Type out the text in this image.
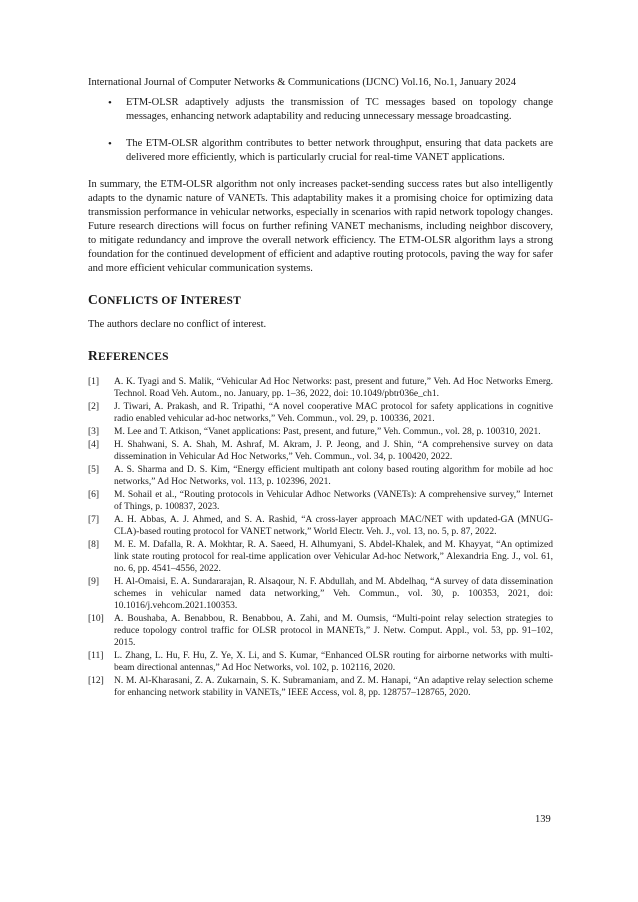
International Journal of Computer Networks & Communications (IJCNC) Vol.16, No.1, January 2024
• ETM-OLSR adaptively adjusts the transmission of TC messages based on topology change messages, enhancing network adaptability and reducing unnecessary message broadcasting.
• The ETM-OLSR algorithm contributes to better network throughput, ensuring that data packets are delivered more efficiently, which is particularly crucial for real-time VANET applications.

In summary, the ETM-OLSR algorithm not only increases packet-sending success rates but also intelligently adapts to the dynamic nature of VANETs. This adaptability makes it a promising choice for optimizing data transmission performance in vehicular networks, especially in scenarios with rapid network topology changes. Future research directions will focus on further refining VANET mechanisms, including neighbor discovery, to mitigate redundancy and improve the overall network efficiency. The ETM-OLSR algorithm lays a strong foundation for the continued development of efficient and adaptive routing protocols, paving the way for safer and more efficient vehicular communication systems.

CONFLICTS OF INTEREST

The authors declare no conflict of interest.

REFERENCES
[1] A. K. Tyagi and S. Malik, “Vehicular Ad Hoc Networks: past, present and future,” Veh. Ad Hoc Networks Emerg. Technol. Road Veh. Autom., no. January, pp. 1–36, 2022, doi: 10.1049/pbtr036e_ch1.
[2] J. Tiwari, A. Prakash, and R. Tripathi, “A novel cooperative MAC protocol for safety applications in cognitive radio enabled vehicular ad-hoc networks,” Veh. Commun., vol. 29, p. 100336, 2021.
[3] M. Lee and T. Atkison, “Vanet applications: Past, present, and future,” Veh. Commun., vol. 28, p. 100310, 2021.
[4] H. Shahwani, S. A. Shah, M. Ashraf, M. Akram, J. P. Jeong, and J. Shin, “A comprehensive survey on data dissemination in Vehicular Ad Hoc Networks,” Veh. Commun., vol. 34, p. 100420, 2022.
[5] A. S. Sharma and D. S. Kim, “Energy efficient multipath ant colony based routing algorithm for mobile ad hoc networks,” Ad Hoc Networks, vol. 113, p. 102396, 2021.
[6] M. Sohail et al., “Routing protocols in Vehicular Adhoc Networks (VANETs): A comprehensive survey,” Internet of Things, p. 100837, 2023.
[7] A. H. Abbas, A. J. Ahmed, and S. A. Rashid, “A cross-layer approach MAC/NET with updated-GA (MNUG-CLA)-based routing protocol for VANET network,” World Electr. Veh. J., vol. 13, no. 5, p. 87, 2022.
[8] M. E. M. Dafalla, R. A. Mokhtar, R. A. Saeed, H. Alhumyani, S. Abdel-Khalek, and M. Khayyat, “An optimized link state routing protocol for real-time application over Vehicular Ad-hoc Network,” Alexandria Eng. J., vol. 61, no. 6, pp. 4541–4556, 2022.
[9] H. Al-Omaisi, E. A. Sundararajan, R. Alsaqour, N. F. Abdullah, and M. Abdelhaq, “A survey of data dissemination schemes in vehicular named data networking,” Veh. Commun., vol. 30, p. 100353, 2021, doi: 10.1016/j.vehcom.2021.100353.
[10] A. Boushaba, A. Benabbou, R. Benabbou, A. Zahi, and M. Oumsis, “Multi-point relay selection strategies to reduce topology control traffic for OLSR protocol in MANETs,” J. Netw. Comput. Appl., vol. 53, pp. 91–102, 2015.
[11] L. Zhang, L. Hu, F. Hu, Z. Ye, X. Li, and S. Kumar, “Enhanced OLSR routing for airborne networks with multi-beam directional antennas,” Ad Hoc Networks, vol. 102, p. 102116, 2020.
[12] N. M. Al-Kharasani, Z. A. Zukarnain, S. K. Subramaniam, and Z. M. Hanapi, “An adaptive relay selection scheme for enhancing network stability in VANETs,” IEEE Access, vol. 8, pp. 128757–128765, 2020.
139
